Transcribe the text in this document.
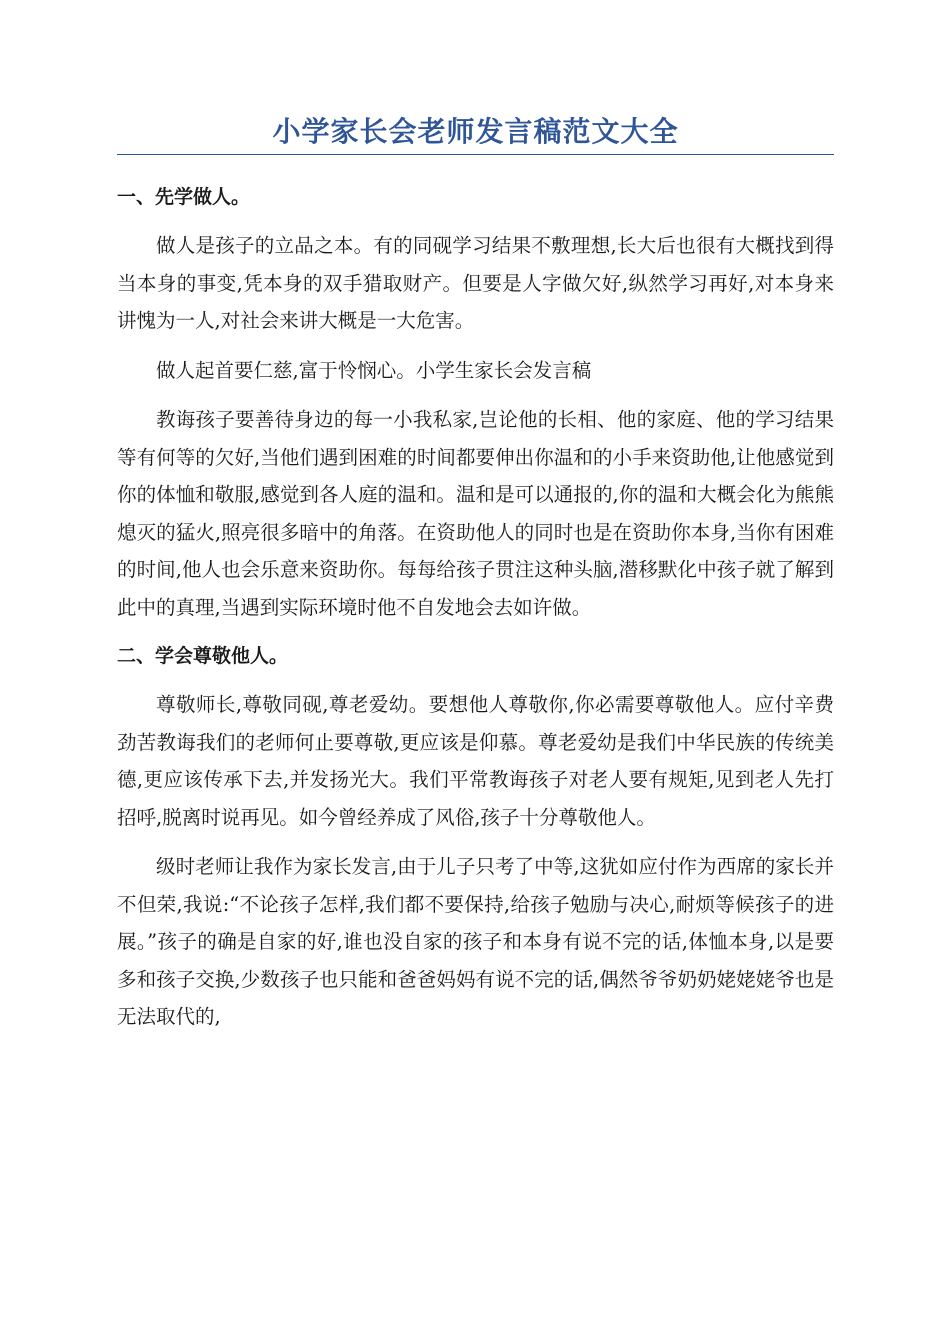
小学家长会老师发言稿范文大全
一、先学做人。

做人是孩子的立品之本。有的同砚学习结果不敷理想,长大后也很有大概找到得当本身的事变,凭本身的双手猎取财产。但要是人字做欠好,纵然学习再好,对本身来讲愧为一人,对社会来讲大概是一大危害。

做人起首要仁慈,富于怜悯心。小学生家长会发言稿

教诲孩子要善待身边的每一小我私家,岂论他的长相、他的家庭、他的学习结果等有何等的欠好,当他们遇到困难的时间都要伸出你温和的小手来资助他,让他感觉到你的体恤和敬服,感觉到各人庭的温和。温和是可以通报的,你的温和大概会化为熊熊熄灭的猛火,照亮很多暗中的角落。在资助他人的同时也是在资助你本身,当你有困难的时间,他人也会乐意来资助你。每每给孩子贯注这种头脑,潜移默化中孩子就了解到此中的真理,当遇到实际环境时他不自发地会去如许做。

二、学会尊敬他人。

尊敬师长,尊敬同砚,尊老爱幼。要想他人尊敬你,你必需要尊敬他人。应付辛费劲苦教诲我们的老师何止要尊敬,更应该是仰慕。尊老爱幼是我们中华民族的传统美德,更应该传承下去,并发扬光大。我们平常教诲孩子对老人要有规矩,见到老人先打招呼,脱离时说再见。如今曾经养成了风俗,孩子十分尊敬他人。

级时老师让我作为家长发言,由于儿子只考了中等,这犹如应付作为西席的家长并不但荣,我说:“不论孩子怎样,我们都不要保持,给孩子勉励与决心,耐烦等候孩子的进展。”孩子的确是自家的好,谁也没自家的孩子和本身有说不完的话,体恤本身,以是要多和孩子交换,少数孩子也只能和爸爸妈妈有说不完的话,偶然爷爷奶奶姥姥姥爷也是无法取代的,
